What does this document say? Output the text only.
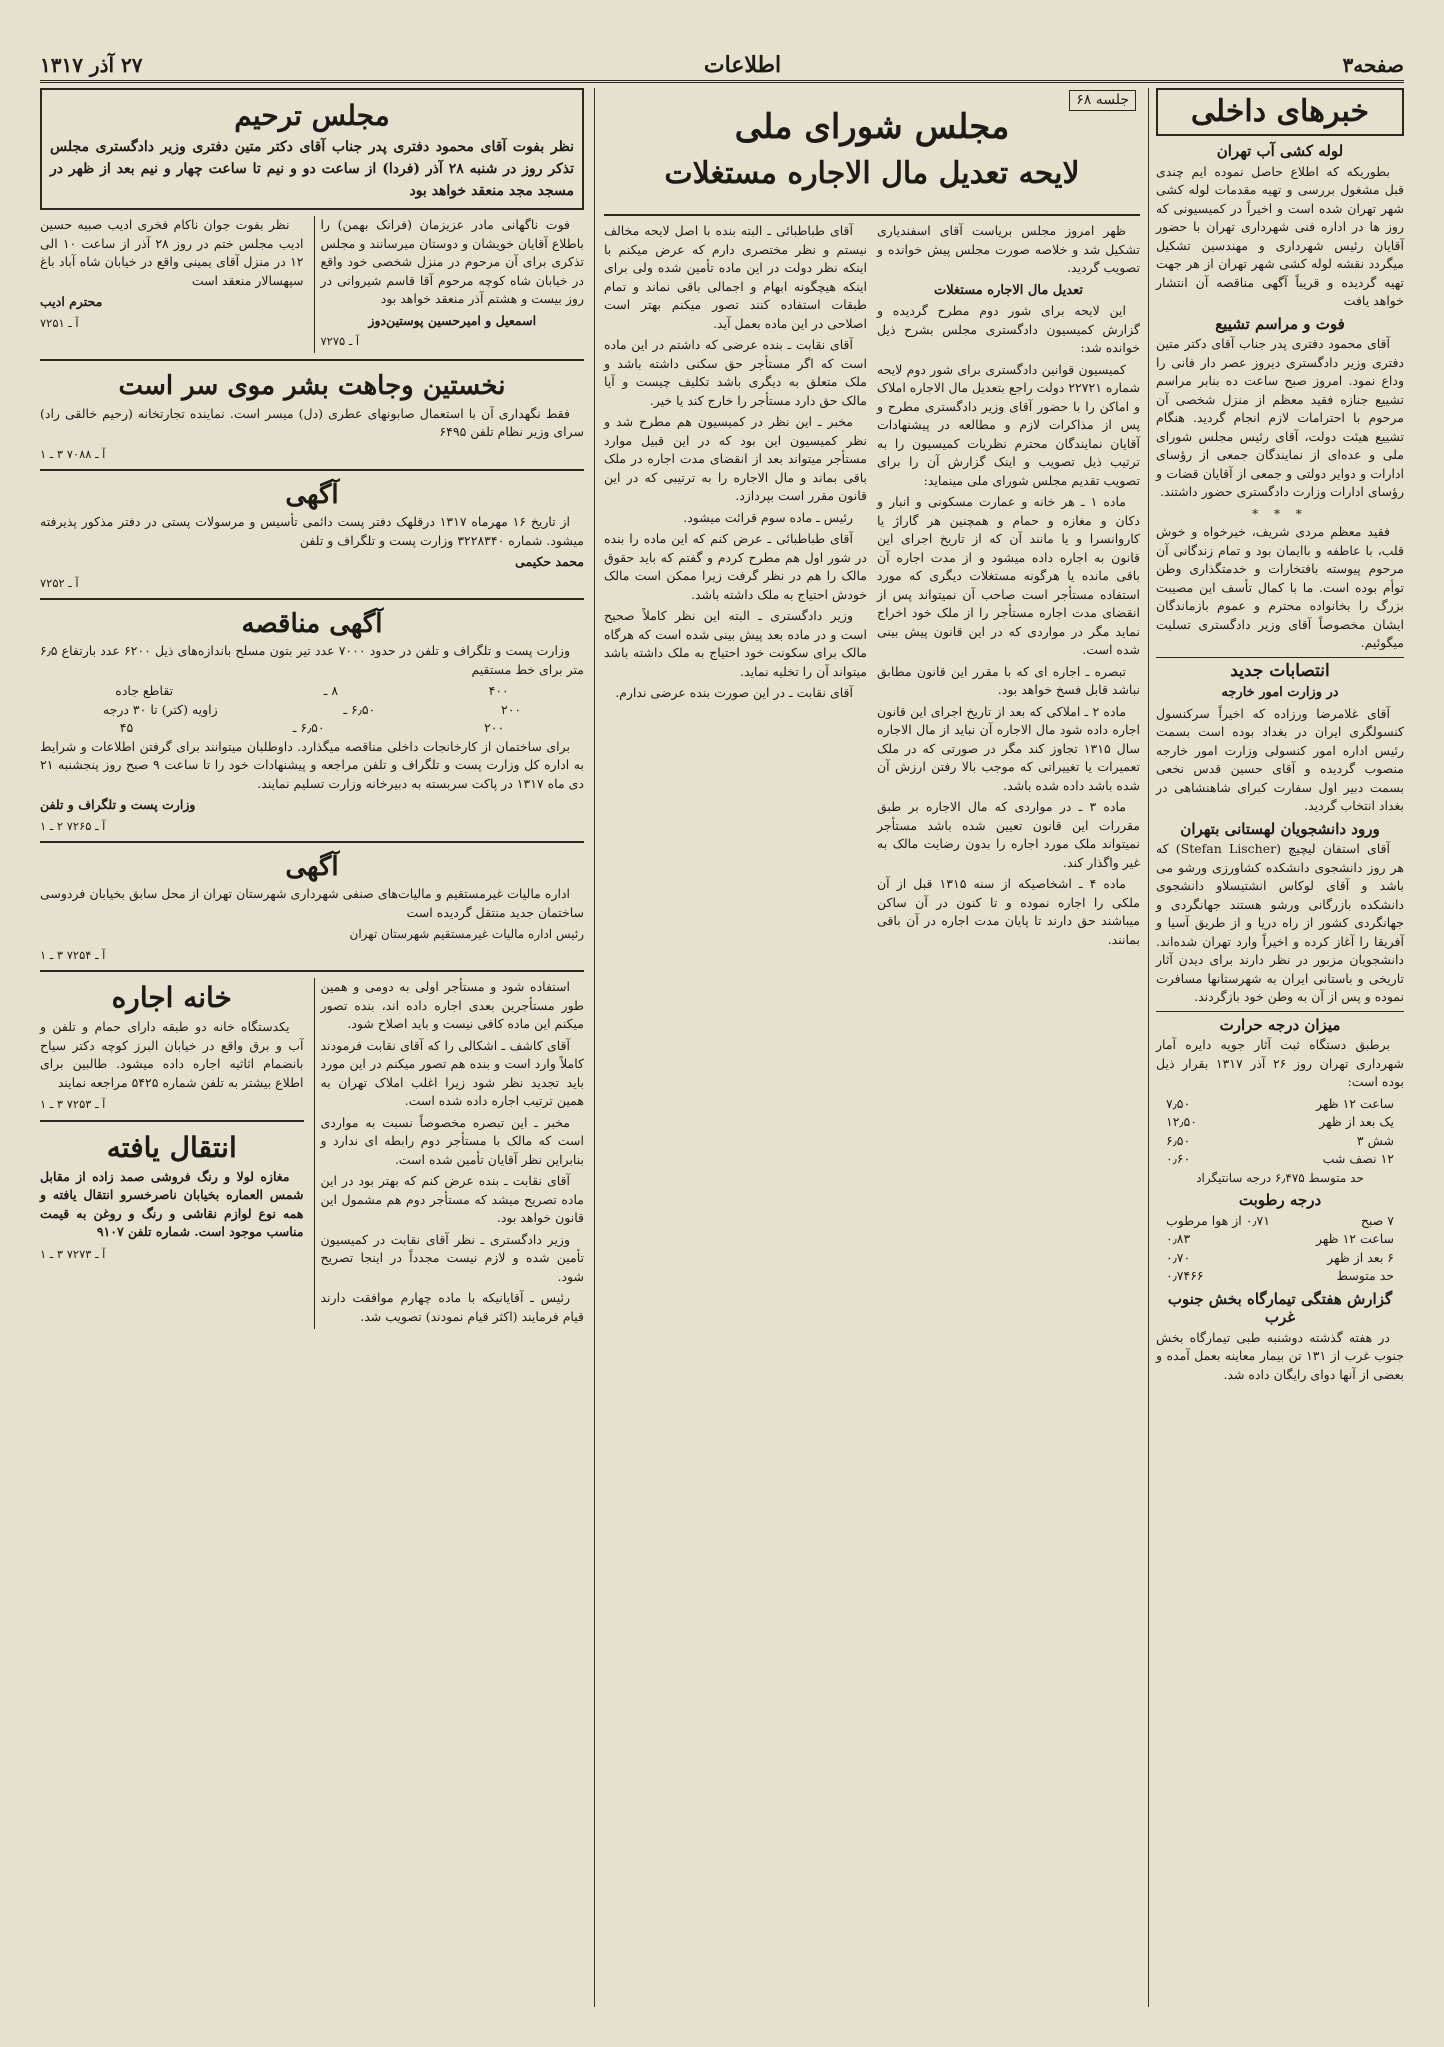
صفحه۳
اطلاعات
۲۷ آذر ۱۳۱۷
خبرهای داخلی
لوله کشی آب تهران

بطوریکه که اطلاع حاصل نموده ایم چندی قبل مشغول بررسی و تهیه مقدمات لوله کشی شهر تهران شده است و اخیراً در کمیسیونی که روز ها در اداره فنی شهرداری تهران با حضور آقایان رئیس شهرداری و مهندسین تشکیل میگردد نقشه لوله کشی شهر تهران از هر جهت تهیه گردیده و قریباً آگهی مناقصه آن انتشار خواهد یافت

فوت و مراسم تشییع

آقای محمود دفتری پدر جناب آقای دکتر متین دفتری وزیر دادگستری دیروز عصر دار فانی را وداع نمود. امروز صبح ساعت ده بنابر مراسم تشییع جنازه فقید معظم از منزل شخصی آن مرحوم با احترامات لازم انجام گردید. هنگام تشییع هیئت دولت، آقای رئیس مجلس شورای ملی و عده‌ای از نمایندگان جمعی از رؤسای ادارات و دوایر دولتی و جمعی از آقایان قضات و رؤسای ادارات وزارت دادگستری حضور داشتند.

* * *

فقید معظم مردی شریف، خیرخواه و خوش قلب، با عاطفه و باایمان بود و تمام زندگانی آن مرحوم پیوسته بافتخارات و خدمتگذاری وطن توأم بوده است. ما با کمال تأسف این مصیبت بزرگ را بخانواده محترم و عموم بازماندگان ایشان مخصوصاً آقای وزیر دادگستری تسلیت میگوئیم.

انتصابات جدید
در وزارت امور خارجه

آقای غلامرضا ورزاده که اخیراً سرکنسول کنسولگری ایران در بغداد بوده است بسمت رئیس اداره امور کنسولی وزارت امور خارجه منصوب گردیده و آقای حسین قدس نخعی بسمت دبیر اول سفارت کبرای شاهنشاهی در بغداد انتخاب گردید.

ورود دانشجویان لهستانی بتهران

آقای استفان لیچیچ (Stefan Lischer) که هر روز دانشجوی دانشکده کشاورزی ورشو می باشد و آقای لوکاس انشتیسلاو دانشجوی دانشکده بازرگانی ورشو هستند جهانگردی و جهانگردی کشور از راه دریا و از طریق آسیا و آفریقا را آغاز کرده و اخیراً وارد تهران شده‌اند. دانشجویان مزبور در نظر دارند برای دیدن آثار تاریخی و باستانی ایران به شهرستانها مسافرت نموده و پس از آن به وطن خود بازگردند.

میزان درجه حرارت

برطبق دستگاه ثبت آثار جویه دایره آمار شهرداری تهران روز ۲۶ آذر ۱۳۱۷ بقرار ذیل بوده است:

ساعت ۱۲ ظهر
۷٫۵۰
یک بعد از ظهر
۱۲٫۵۰
شش ۳
۶٫۵۰
۱۲ نصف شب
۰٫۶۰
حد متوسط ۶٫۴۷۵ درجه سانتیگراد
درجه رطوبت
۷ صبح
۰٫۷۱ از هوا مرطوب
ساعت ۱۲ ظهر
۰٫۸۳
۶ بعد از ظهر
۰٫۷۰
حد متوسط
۰٫۷۴۶۶
گزارش هفتگی تیمارگاه بخش جنوب غرب

در هفته گذشته دوشنبه طبی تیمارگاه بخش جنوب غرب از ۱۳۱ تن بیمار معاینه بعمل آمده و بعضی از آنها دوای رایگان داده شد.

جلسه ۶۸
مجلس شورای ملی
لایحه تعدیل مال الاجاره مستغلات

ظهر امروز مجلس بریاست آقای اسفندیاری تشکیل شد و خلاصه صورت مجلس پیش خوانده و تصویب گردید.

تعدیل مال الاجاره مستغلات

این لایحه برای شور دوم مطرح گردیده و گزارش کمیسیون دادگستری مجلس بشرح ذیل خوانده شد:

کمیسیون قوانین دادگستری برای شور دوم لایحه شماره ۲۲۷۲۱ دولت راجع بتعدیل مال الاجاره املاک و اماکن را با حضور آقای وزیر دادگستری مطرح و پس از مذاکرات لازم و مطالعه در پیشنهادات آقایان نمایندگان محترم نظریات کمیسیون را به ترتیب ذیل تصویب و اینک گزارش آن را برای تصویب تقدیم مجلس شورای ملی مینماید:

ماده ۱ ـ هر خانه و عمارت مسکونی و انبار و دکان و مغازه و حمام و همچنین هر گاراژ یا کاروانسرا و یا مانند آن که از تاریخ اجرای این قانون به اجاره داده میشود و از مدت اجاره آن باقی مانده یا هرگونه مستغلات دیگری که مورد استفاده مستأجر است صاحب آن نمیتواند پس از انقضای مدت اجاره مستأجر را از ملک خود اخراج نماید مگر در مواردی که در این قانون پیش بینی شده است.

تبصره ـ اجاره ای که با مقرر این قانون مطابق نباشد قابل فسخ خواهد بود.

ماده ۲ ـ املاکی که بعد از تاریخ اجرای این قانون اجاره داده شود مال الاجاره آن نباید از مال الاجاره سال ۱۳۱۵ تجاوز کند مگر در صورتی که در ملک تعمیرات یا تغییراتی که موجب بالا رفتن ارزش آن شده باشد داده شده باشد.

ماده ۳ ـ در مواردی که مال الاجاره بر طبق مقررات این قانون تعیین شده باشد مستأجر نمیتواند ملک مورد اجاره را بدون رضایت مالک به غیر واگذار کند.

ماده ۴ ـ اشخاصیکه از سنه ۱۳۱۵ قبل از آن ملکی را اجاره نموده و تا کنون در آن ساکن میباشند حق دارند تا پایان مدت اجاره در آن باقی بمانند.

آقای طباطبائی ـ البته بنده با اصل لایحه مخالف نیستم و نظر مختصری دارم که عرض میکنم با اینکه نظر دولت در این ماده تأمین شده ولی برای اینکه هیچگونه ابهام و اجمالی باقی نماند و تمام طبقات استفاده کنند تصور میکنم بهتر است اصلاحی در این ماده بعمل آید.

آقای نقابت ـ بنده عرضی که داشتم در این ماده است که اگر مستأجر حق سکنی داشته باشد و ملک متعلق به دیگری باشد تکلیف چیست و آیا مالک حق دارد مستأجر را خارج کند یا خیر.

مخبر ـ این نظر در کمیسیون هم مطرح شد و نظر کمیسیون این بود که در این قبیل موارد مستأجر میتواند بعد از انقضای مدت اجاره در ملک باقی بماند و مال الاجاره را به ترتیبی که در این قانون مقرر است بپردازد.

رئیس ـ ماده سوم قرائت میشود.

آقای طباطبائی ـ عرض کنم که این ماده را بنده در شور اول هم مطرح کردم و گفتم که باید حقوق مالک را هم در نظر گرفت زیرا ممکن است مالک خودش احتیاج به ملک داشته باشد.

وزیر دادگستری ـ البته این نظر کاملاً صحیح است و در ماده بعد پیش بینی شده است که هرگاه مالک برای سکونت خود احتیاج به ملک داشته باشد میتواند آن را تخلیه نماید.

آقای نقابت ـ در این صورت بنده عرضی ندارم.

مجلس ترحیم
نظر بفوت آقای محمود دفتری پدر جناب آقای دکتر متین دفتری وزیر دادگستری مجلس تذکر روز در شنبه ۲۸ آذر (فردا) از ساعت دو و نیم تا ساعت چهار و نیم بعد از ظهر در مسجد مجد منعقد خواهد بود

فوت ناگهانی مادر عزیزمان (فرانک بهمن) را باطلاع آقایان خویشان و دوستان میرسانند و مجلس تذکری برای آن مرحوم در منزل شخصی خود واقع در خیابان شاه کوچه مرحوم آقا قاسم شیروانی در روز بیست و هشتم آذر منعقد خواهد بود

اسمعیل و امیرحسین پوستین‌دوز
آ ـ ۷۲۷۵

نظر بفوت جوان ناکام فخری ادیب صبیه حسین ادیب مجلس ختم در روز ۲۸ آذر از ساعت ۱۰ الی ۱۲ در منزل آقای یمینی واقع در خیابان شاه آباد باغ سپهسالار منعقد است

محترم ادیب
آ ـ ۷۲۵۱
نخستین وجاهت بشر موی سر است

فقط نگهداری آن با استعمال صابونهای عطری (دل) میسر است. نماینده تجارتخانه (رحیم خالقی راد) سرای وزیر نظام تلفن ۶۴۹۵

آ ـ ۷۰۸۸ ۳ ـ ۱
آگهی

از تاریخ ۱۶ مهرماه ۱۳۱۷ درقلهک دفتر پست دائمی تأسیس و مرسولات پستی در دفتر مذکور پذیرفته میشود. شماره ۳۲۲۸۳۴۰ وزارت پست و تلگراف و تلفن

محمد حکیمی
آ ـ ۷۲۵۲
آگهی مناقصه

وزارت پست و تلگراف و تلفن در حدود ۷۰۰۰ عدد تیر بتون مسلح باندازه‌های ذیل ۶۲۰۰ عدد بارتفاع ۶٫۵ متر برای خط مستقیم

۴۰۰
۸ ـ
تقاطع جاده
۲۰۰
۶٫۵۰ ـ
زاویه (کتر) تا ۳۰ درجه
۲۰۰
۶٫۵۰ ـ
۴۵

برای ساختمان از کارخانجات داخلی مناقصه میگذارد. داوطلبان میتوانند برای گرفتن اطلاعات و شرایط به اداره کل وزارت پست و تلگراف و تلفن مراجعه و پیشنهادات خود را تا ساعت ۹ صبح روز پنجشنبه ۲۱ دی ماه ۱۳۱۷ در پاکت سربسته به دبیرخانه وزارت تسلیم نمایند.

وزارت پست و تلگراف و تلفن
آ ـ ۷۲۶۵ ۲ ـ ۱
آگهی

اداره مالیات غیرمستقیم و مالیات‌های صنفی شهرداری شهرستان تهران از محل سابق بخیابان فردوسی ساختمان جدید منتقل گردیده است

رئیس اداره مالیات غیرمستقیم شهرستان تهران
آ ـ ۷۲۵۴ ۳ ـ ۱

استفاده شود و مستأجر اولی به دومی و همین طور مستأجرین بعدی اجاره داده اند، بنده تصور میکنم این ماده کافی نیست و باید اصلاح شود.

آقای کاشف ـ اشکالی را که آقای نقابت فرمودند کاملاً وارد است و بنده هم تصور میکنم در این مورد باید تجدید نظر شود زیرا اغلب املاک تهران به همین ترتیب اجاره داده شده است.

مخبر ـ این تبصره مخصوصاً نسبت به مواردی است که مالک با مستأجر دوم رابطه ای ندارد و بنابراین نظر آقایان تأمین شده است.

آقای نقابت ـ بنده عرض کنم که بهتر بود در این ماده تصریح میشد که مستأجر دوم هم مشمول این قانون خواهد بود.

وزیر دادگستری ـ نظر آقای نقابت در کمیسیون تأمین شده و لازم نیست مجدداً در اینجا تصریح شود.

رئیس ـ آقایانیکه با ماده چهارم موافقت دارند قیام فرمایند (اکثر قیام نمودند) تصویب شد.

خانه اجاره

یکدستگاه خانه دو طبقه دارای حمام و تلفن و آب و برق واقع در خیابان البرز کوچه دکتر سیاح بانضمام اثاثیه اجاره داده میشود. طالبین برای اطلاع بیشتر به تلفن شماره ۵۴۲۵ مراجعه نمایند

آ ـ ۷۲۵۳ ۳ ـ ۱
انتقال یافته

مغازه لولا و رنگ فروشی صمد زاده از مقابل شمس العماره بخیابان ناصرخسرو انتقال یافته و همه نوع لوازم نقاشی و رنگ و روغن به قیمت مناسب موجود است. شماره تلفن ۹۱۰۷

آ ـ ۷۲۷۳ ۳ ـ ۱
